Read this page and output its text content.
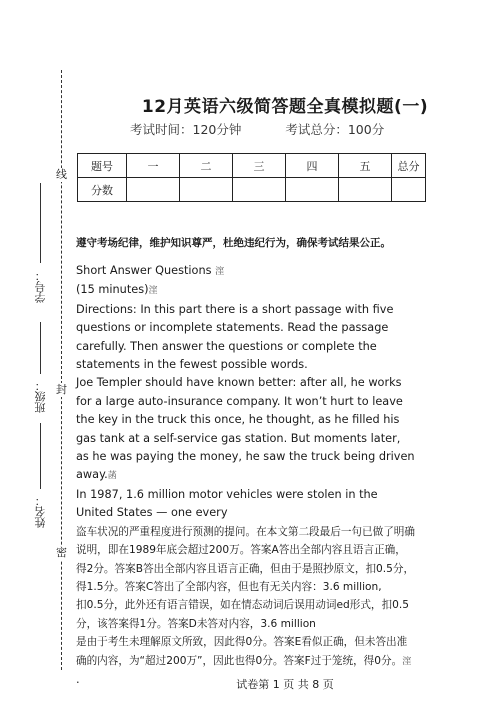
线
封
密
学号：
班级：
姓名：
12月英语六级简答题全真模拟题(一)
考试时间：120分钟	考试总分：100分
题号	一	二	三	四	五	总分
分数						
遵守考场纪律，维护知识尊严，杜绝违纪行为，确保考试结果公正。

Short Answer Questions 漥

(15 minutes)漥

Directions: In this part there is a short passage with five questions or incomplete statements. Read the passage carefully. Then answer the questions or complete the statements in the fewest possible words.

Joe Templer should have known better: after all, he works for a large auto-insurance company. It won’t hurt to leave the key in the truck this once, he thought, as he filled his gas tank at a self-service gas station. But moments later, as he was paying the money, he saw the truck being driven away.菡

In 1987, 1.6 million motor vehicles were stolen in the United States — one every

盗车状况的严重程度进行预测的提问。在本文第二段最后一句已做了明确说明，即在1989年底会超过200万。答案A答出全部内容且语言正确，得2分。答案B答出全部内容且语言正确，但由于是照抄原文，扣0.5分，得1.5分。答案C答出了全部内容，但也有无关内容：3.6 million,

扣0.5分，此外还有语言错误，如在情态动词后误用动词ed形式，扣0.5分，该答案得1分。答案D未答对内容，3.6 million

是由于考生未理解原文所致，因此得0分。答案E看似正确，但未答出准确的内容，为“超过200万”，因此也得0分。答案F过于笼统，得0分。漥

.	试卷第 1 页 共 8 页
